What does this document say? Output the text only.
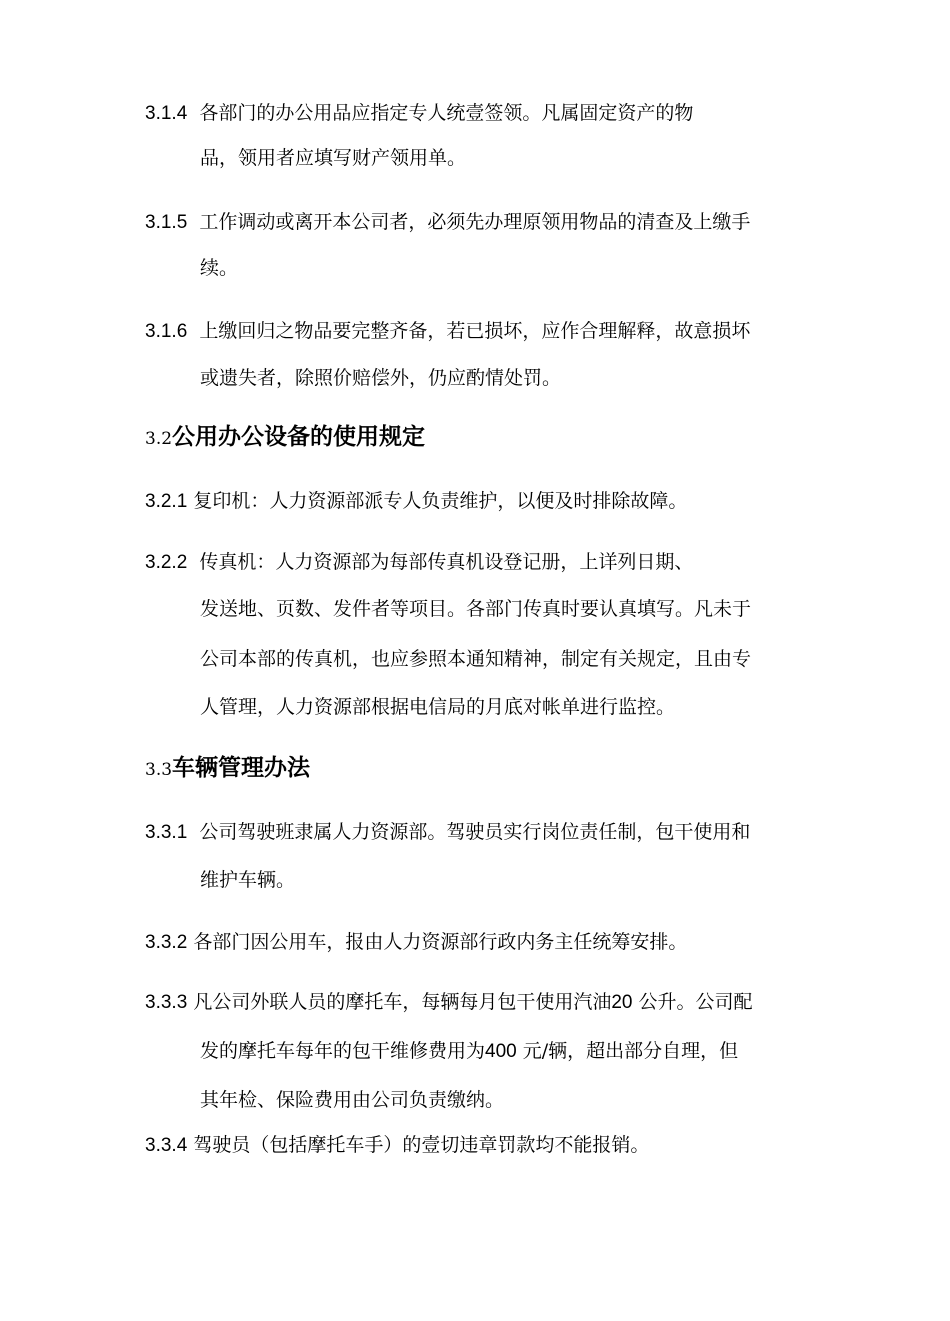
3.1.4 各部门的办公用品应指定专人统壹签领。凡属固定资产的物
品，领用者应填写财产领用单。
3.1.5 工作调动或离开本公司者，必须先办理原领用物品的清查及上缴手
续。
3.1.6 上缴回归之物品要完整齐备，若已损坏，应作合理解释，故意损坏
或遗失者，除照价赔偿外，仍应酌情处罚。
3.2公用办公设备的使用规定
3.2.1 复印机：人力资源部派专人负责维护，以便及时排除故障。
3.2.2 传真机：人力资源部为每部传真机设登记册，上详列日期、
发送地、页数、发件者等项目。各部门传真时要认真填写。凡未于
公司本部的传真机，也应参照本通知精神，制定有关规定，且由专
人管理，人力资源部根据电信局的月底对帐单进行监控。
3.3车辆管理办法
3.3.1 公司驾驶班隶属人力资源部。驾驶员实行岗位责任制，包干使用和
维护车辆。
3.3.2 各部门因公用车，报由人力资源部行政内务主任统筹安排。
3.3.3 凡公司外联人员的摩托车，每辆每月包干使用汽油20 公升。公司配
发的摩托车每年的包干维修费用为400 元/辆，超出部分自理，但
其年检、保险费用由公司负责缴纳。
3.3.4 驾驶员（包括摩托车手）的壹切违章罚款均不能报销。
